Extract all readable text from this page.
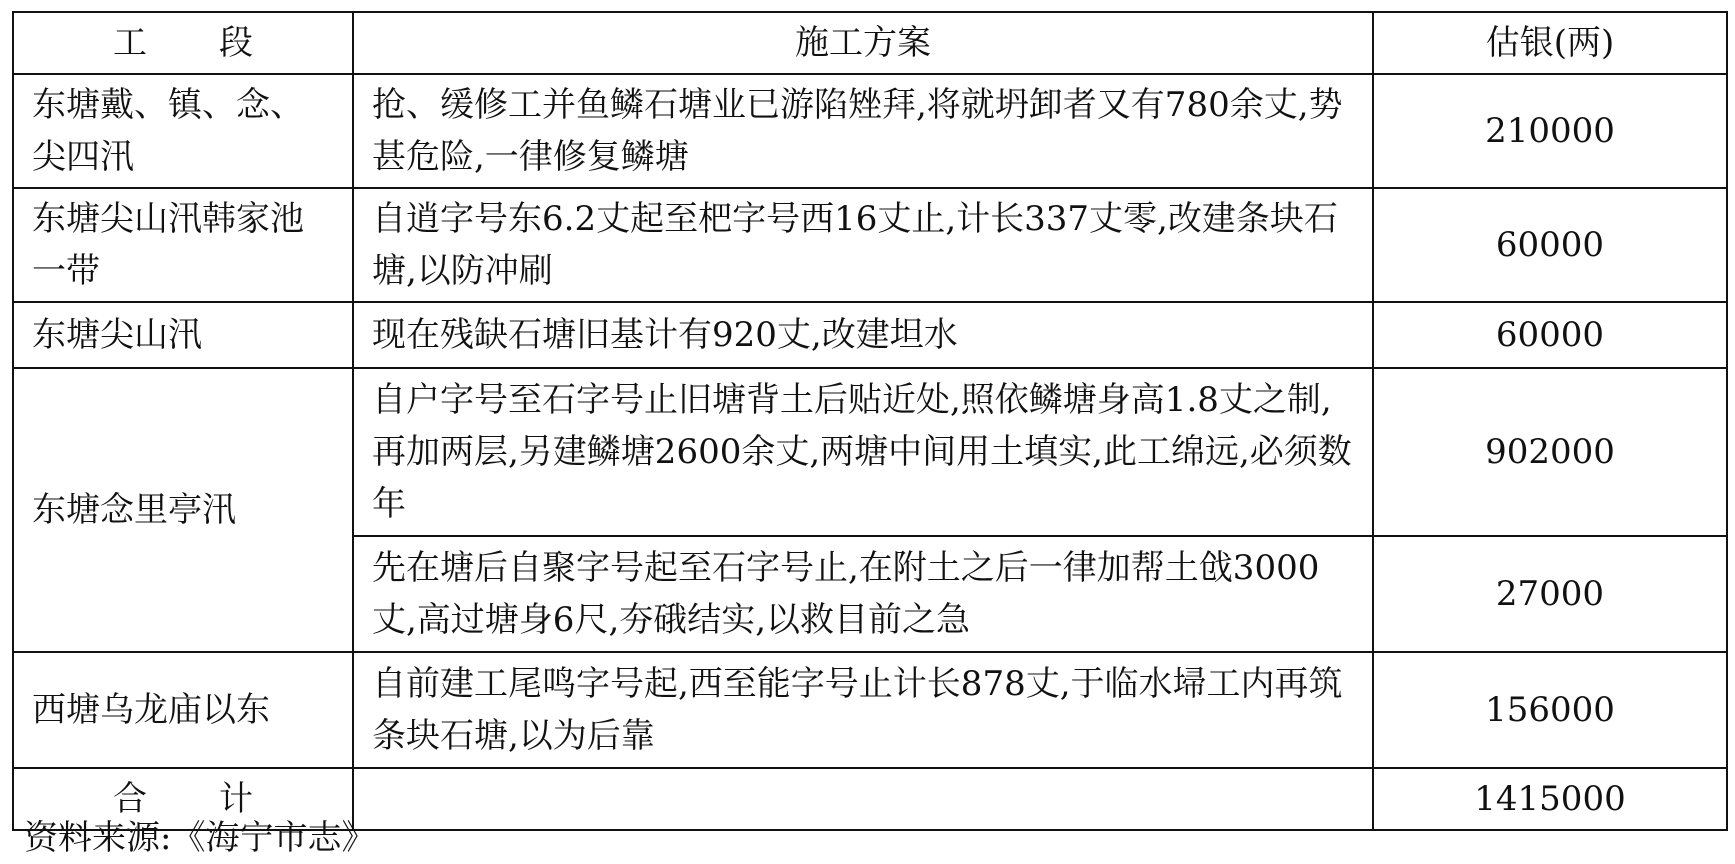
工 段	施工方案	估银(两)
东塘戴、镇、念、尖四汛	抢、缓修工并鱼鳞石塘业已游陷矬拜,将就坍卸者又有780余丈,势甚危险,一律修复鳞塘	210000
东塘尖山汛韩家池一带	自逍字号东6.2丈起至杷字号西16丈止,计长337丈零,改建条块石塘,以防冲刷	60000
东塘尖山汛	现在残缺石塘旧基计有920丈,改建坦水	60000
东塘念里亭汛	自户字号至石字号止旧塘背土后贴近处,照依鳞塘身高1.8丈之制,再加两层,另建鳞塘2600余丈,两塘中间用土填实,此工绵远,必须数年	902000
	先在塘后自聚字号起至石字号止,在附土之后一律加帮土戗3000丈,高过塘身6尺,夯硪结实,以救目前之急	27000
西塘乌龙庙以东	自前建工尾鸣字号起,西至能字号止计长878丈,于临水埽工内再筑条块石塘,以为后靠	156000
合 计		1415000
资料来源:《海宁市志》
